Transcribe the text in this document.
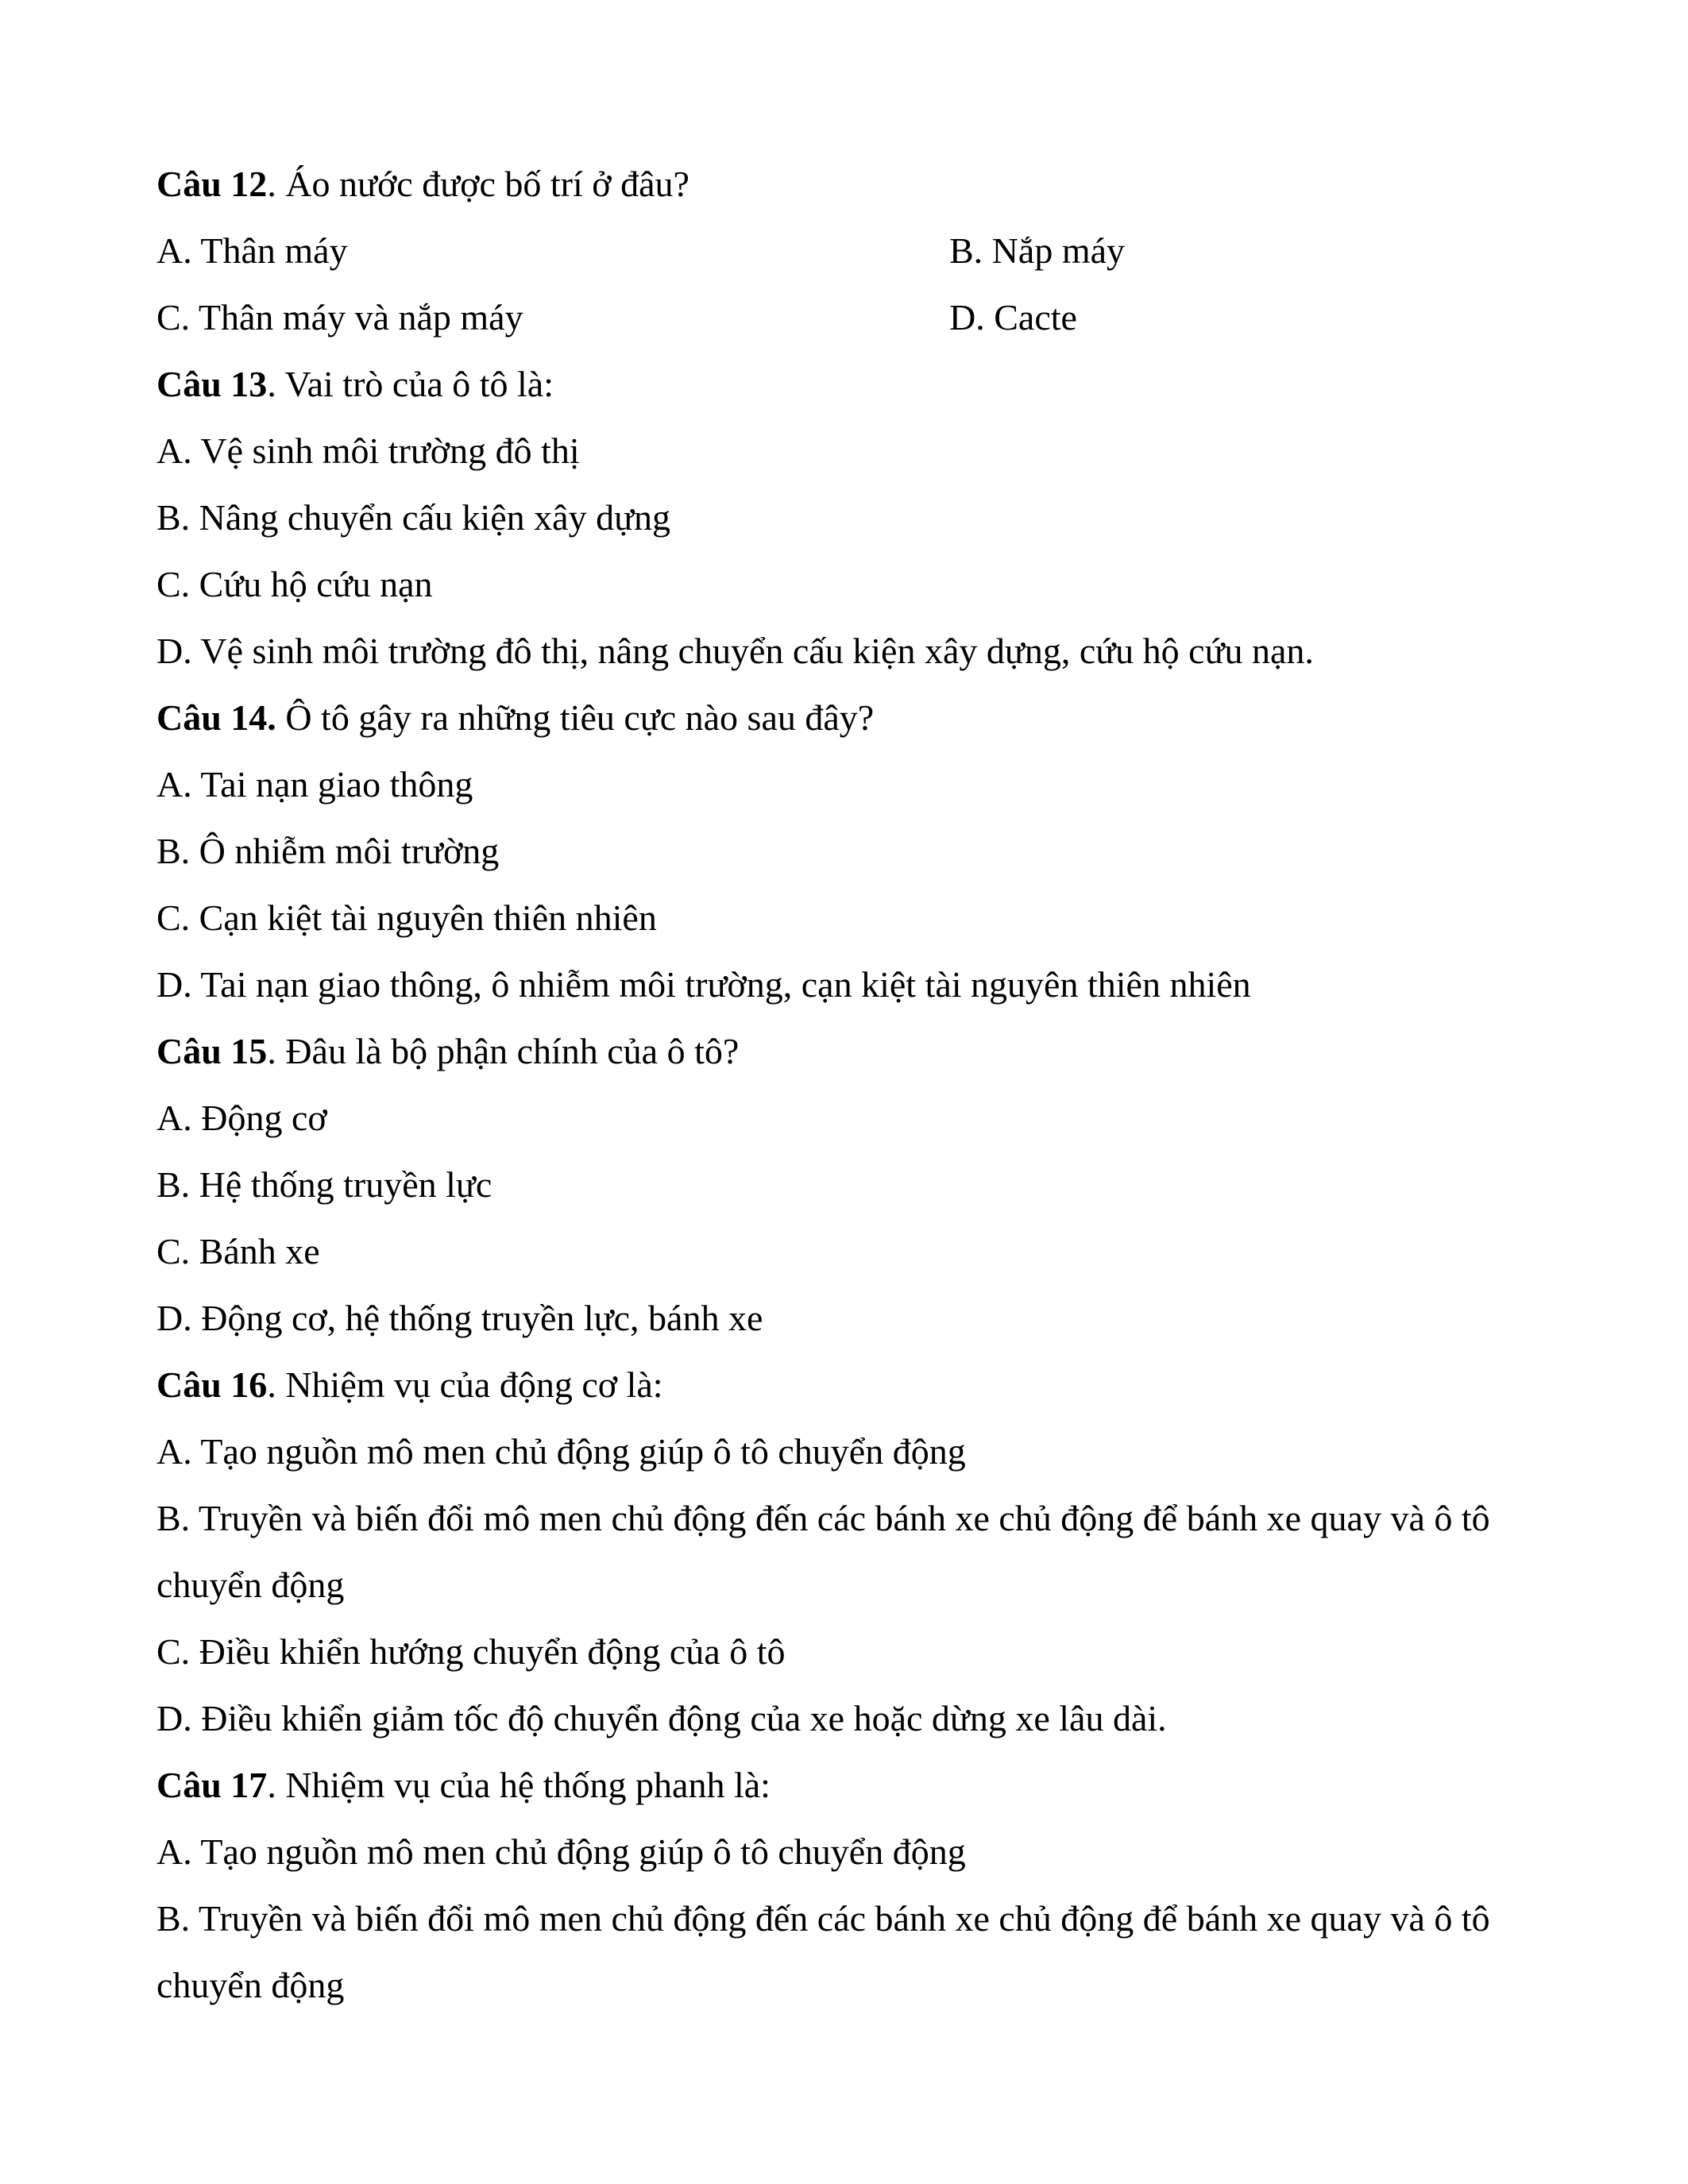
Câu 12. Áo nước được bố trí ở đâu?
A. Thân máy	B. Nắp máy
C. Thân máy và nắp máy	D. Cacte
Câu 13. Vai trò của ô tô là:
A. Vệ sinh môi trường đô thị
B. Nâng chuyển cấu kiện xây dựng
C. Cứu hộ cứu nạn
D. Vệ sinh môi trường đô thị, nâng chuyển cấu kiện xây dựng, cứu hộ cứu nạn.
Câu 14. Ô tô gây ra những tiêu cực nào sau đây?
A. Tai nạn giao thông
B. Ô nhiễm môi trường
C. Cạn kiệt tài nguyên thiên nhiên
D. Tai nạn giao thông, ô nhiễm môi trường, cạn kiệt tài nguyên thiên nhiên
Câu 15. Đâu là bộ phận chính của ô tô?
A. Động cơ
B. Hệ thống truyền lực
C. Bánh xe
D. Động cơ, hệ thống truyền lực, bánh xe
Câu 16. Nhiệm vụ của động cơ là:
A. Tạo nguồn mô men chủ động giúp ô tô chuyển động
B. Truyền và biến đổi mô men chủ động đến các bánh xe chủ động để bánh xe quay và ô tô chuyển động
C. Điều khiển hướng chuyển động của ô tô
D. Điều khiển giảm tốc độ chuyển động của xe hoặc dừng xe lâu dài.
Câu 17. Nhiệm vụ của hệ thống phanh là:
A. Tạo nguồn mô men chủ động giúp ô tô chuyển động
B. Truyền và biến đổi mô men chủ động đến các bánh xe chủ động để bánh xe quay và ô tô chuyển động
